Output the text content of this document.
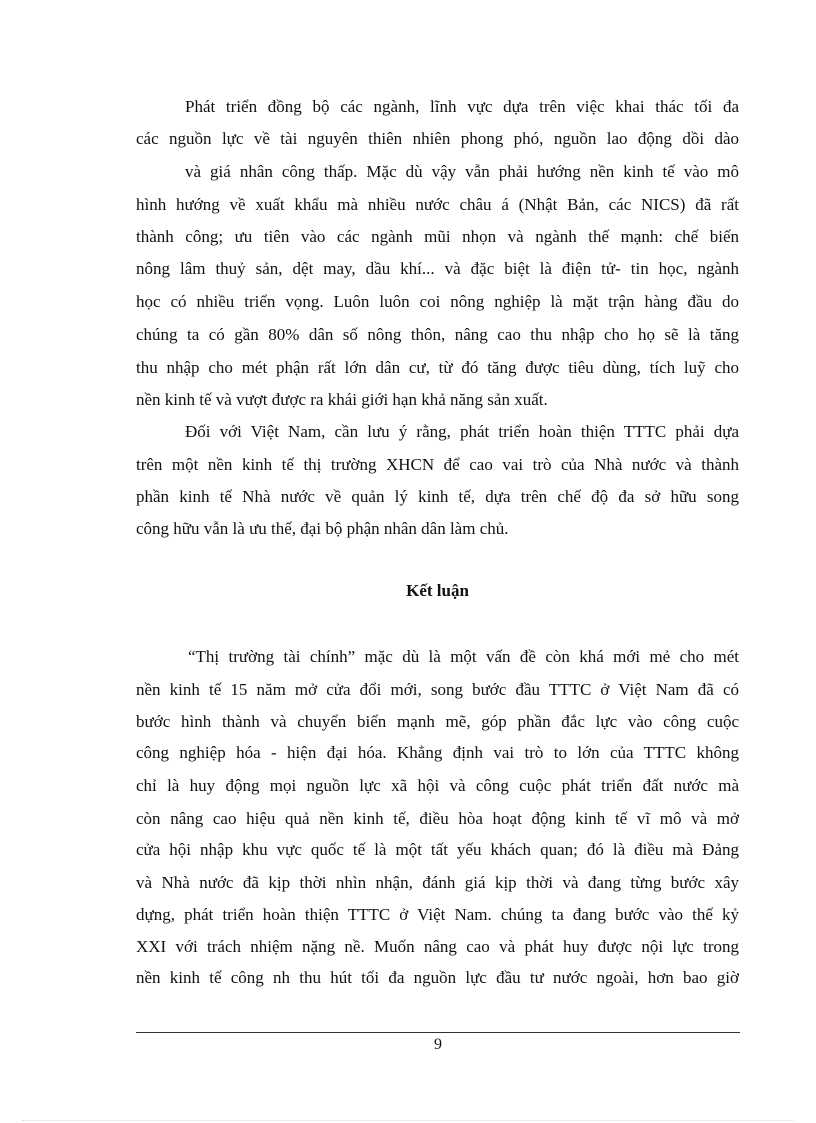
Phát triển đồng bộ các ngành, lĩnh vực dựa trên việc khai thác tối đa
các nguồn lực về tài nguyên thiên nhiên phong phó, nguồn lao động dồi dào
và giá nhân công thấp. Mặc dù vậy vẫn phải hướng nền kinh tế vào mô
hình hướng về xuất khẩu mà nhiều nước châu á (Nhật Bản, các NICS) đã rất
thành công; ưu tiên vào các ngành mũi nhọn và ngành thế mạnh: chế biến
nông lâm thuỷ sản, dệt may, dầu khí... và đặc biệt là điện tử- tin học, ngành
học có nhiều triển vọng. Luôn luôn coi nông nghiệp là mặt trận hàng đầu do
chúng ta có gần 80% dân số nông thôn, nâng cao thu nhập cho họ sẽ là tăng
thu nhập cho mét phận rất lớn dân cư, từ đó tăng được tiêu dùng, tích luỹ cho
nền kinh tế và vượt được ra khái giới hạn khả năng sản xuất.
Đối với Việt Nam, cần lưu ý rằng, phát triển hoàn thiện TTTC phải dựa
trên một nền kinh tế thị trường XHCN để cao vai trò của Nhà nước và thành
phần kinh tế Nhà nước về quản lý kinh tế, dựa trên chế độ đa sở hữu song
công hữu vẫn là ưu thế, đại bộ phận nhân dân làm chủ.
Kết luận
“Thị trường tài chính” mặc dù là một vấn đề còn khá mới mẻ cho mét
nền kinh tế 15 năm mở cửa đổi mới, song bước đầu TTTC ở Việt Nam đã có
bước hình thành và chuyển biến mạnh mẽ, góp phần đắc lực vào công cuộc
công nghiệp hóa - hiện đại hóa. Khẳng định vai trò to lớn của TTTC không
chỉ là huy động mọi nguồn lực xã hội và công cuộc phát triển đất nước mà
còn nâng cao hiệu quả nền kinh tế, điều hòa hoạt động kinh tế vĩ mô và mở
cửa hội nhập khu vực quốc tế là một tất yếu khách quan; đó là điều mà Đảng
và Nhà nước đã kịp thời nhìn nhận, đánh giá kịp thời và đang từng bước xây
dựng, phát triển hoàn thiện TTTC ở Việt Nam. chúng ta đang bước vào thế kỷ
XXI với trách nhiệm nặng nề. Muốn nâng cao và phát huy được nội lực trong
nền kinh tế công nh thu hút tối đa nguồn lực đầu tư nước ngoài, hơn bao giờ
9
